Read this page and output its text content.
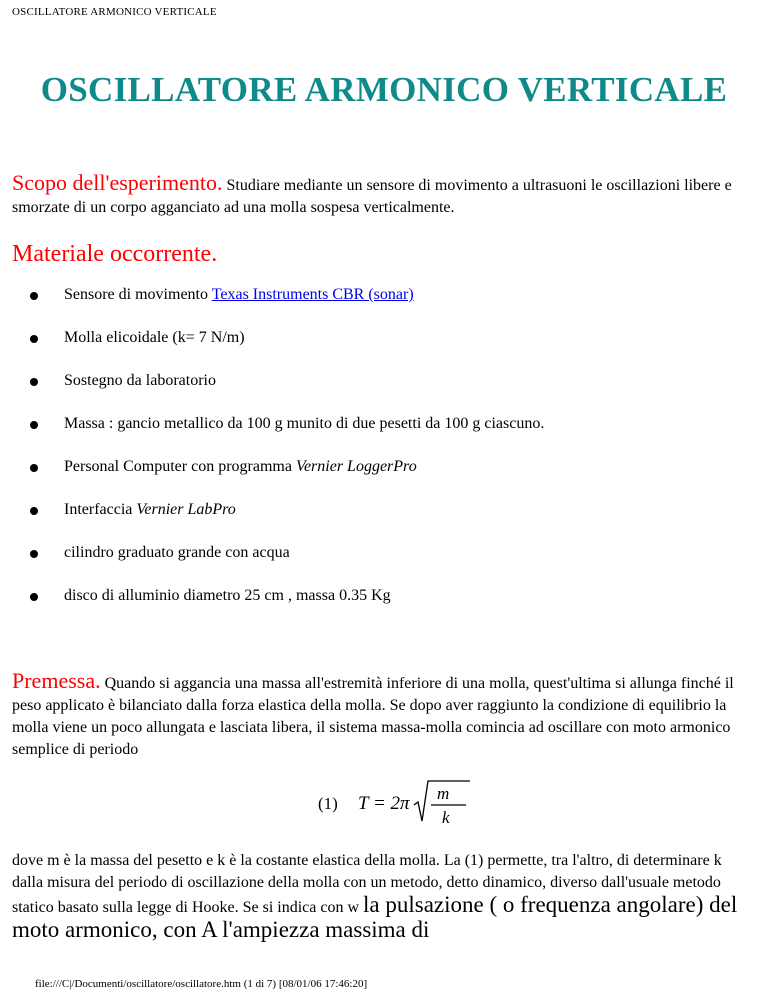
OSCILLATORE ARMONICO VERTICALE
OSCILLATORE ARMONICO VERTICALE
Scopo dell'esperimento. Studiare mediante un sensore di movimento a ultrasuoni le oscillazioni libere e smorzate di un corpo agganciato ad una molla sospesa verticalmente.
Materiale occorrente.
Sensore di movimento Texas Instruments CBR (sonar)
Molla elicoidale (k= 7 N/m)
Sostegno da laboratorio
Massa : gancio metallico da 100 g munito di due pesetti da 100 g ciascuno.
Personal Computer con programma Vernier LoggerPro
Interfaccia Vernier LabPro
cilindro graduato grande con acqua
disco di alluminio diametro 25 cm , massa 0.35 Kg
Premessa. Quando si aggancia una massa all'estremità inferiore di una molla, quest'ultima si allunga finché il peso applicato è bilanciato dalla forza elastica della molla. Se dopo aver raggiunto la condizione di equilibrio la molla viene un poco allungata e lasciata libera, il sistema massa-molla comincia ad oscillare con moto armonico semplice di periodo
(1) T = 2π m
k
dove m è la massa del pesetto e k è la costante elastica della molla. La (1) permette, tra l'altro, di determinare k dalla misura del periodo di oscillazione della molla con un metodo, detto dinamico, diverso dall'usuale metodo statico basato sulla legge di Hooke. Se si indica con w la pulsazione ( o frequenza angolare) del moto armonico, con A l'ampiezza massima di
file:///C|/Documenti/oscillatore/oscillatore.htm (1 di 7) [08/01/06 17:46:20]
